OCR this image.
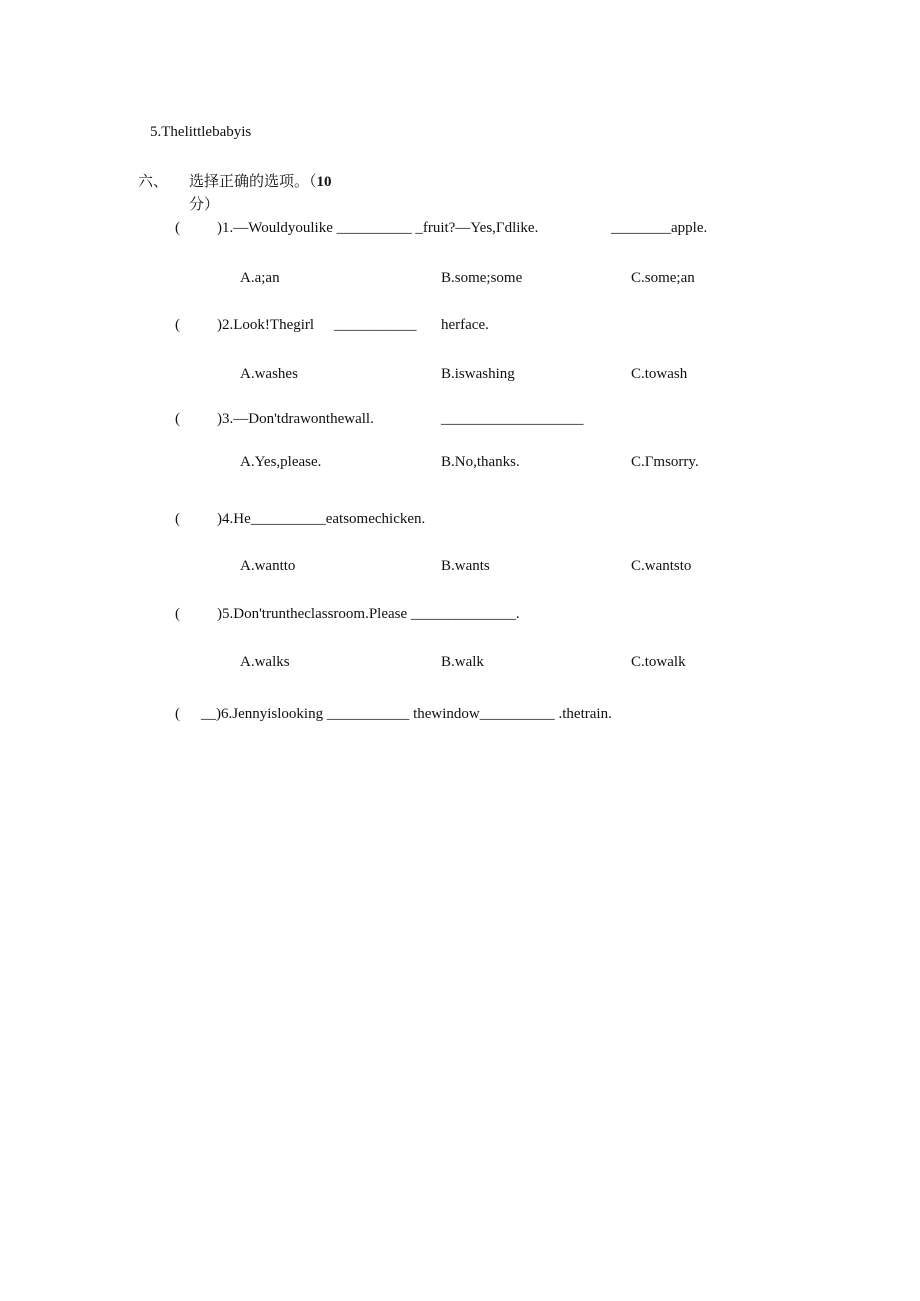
5.Thelittlebabyis
六、 选择正确的选项。（10
分）
( )1.—Wouldyoulike __________ _fruit?—Yes,Γdlike.	________apple.
A.a;an	B.some;some	C.some;an
( )2.Look!Thegirl ___________ herface.
A.washes	B.iswashing	C.towash
( )3.—Don'tdrawonthewall.	___________________
A.Yes,please.	B.No,thanks.	C.Γmsorry.
( )4.He__________eatsomechicken.
A.wantto	B.wants	C.wantsto
( )5.Don'truntheclassroom.Please ______________.
A.walks	B.walk	C.towalk
( __)6.Jennyislooking ___________ thewindow__________ .thetrain.
